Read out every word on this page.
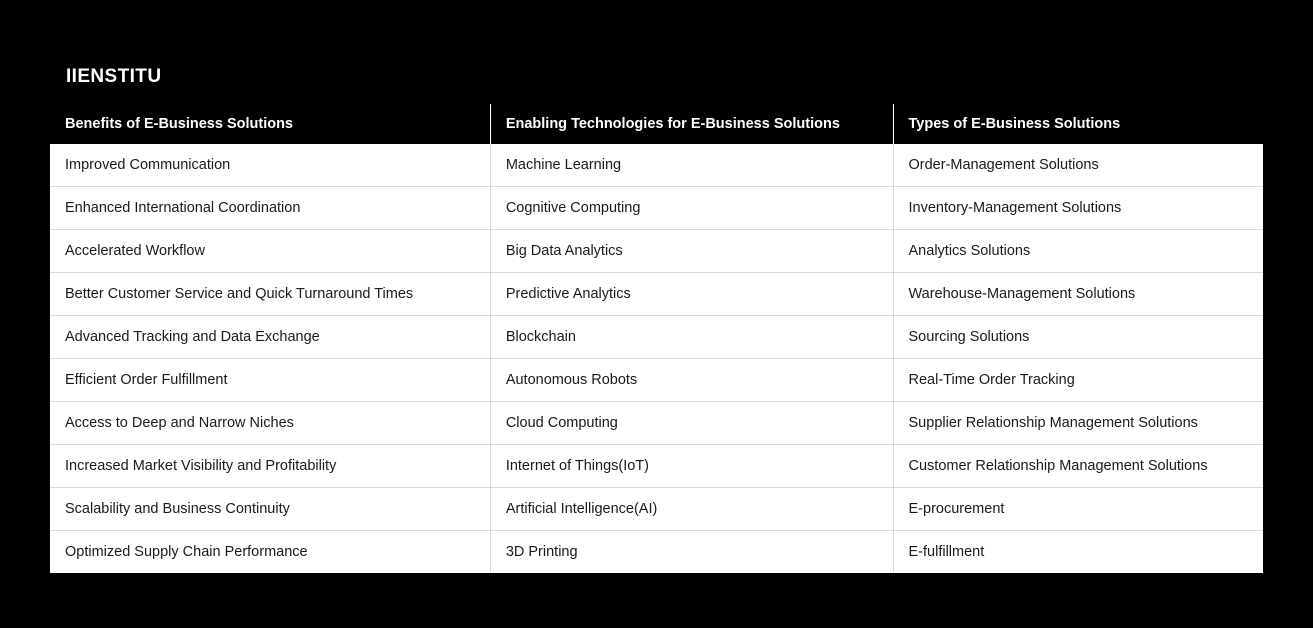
IIENSTITU
Benefits of E-Business Solutions	Enabling Technologies for E-Business Solutions	Types of E-Business Solutions
Improved Communication	Machine Learning	Order-Management Solutions
Enhanced International Coordination	Cognitive Computing	Inventory-Management Solutions
Accelerated Workflow	Big Data Analytics	Analytics Solutions
Better Customer Service and Quick Turnaround Times	Predictive Analytics	Warehouse-Management Solutions
Advanced Tracking and Data Exchange	Blockchain	Sourcing Solutions
Efficient Order Fulfillment	Autonomous Robots	Real-Time Order Tracking
Access to Deep and Narrow Niches	Cloud Computing	Supplier Relationship Management Solutions
Increased Market Visibility and Profitability	Internet of Things(IoT)	Customer Relationship Management Solutions
Scalability and Business Continuity	Artificial Intelligence(AI)	E-procurement
Optimized Supply Chain Performance	3D Printing	E-fulfillment
